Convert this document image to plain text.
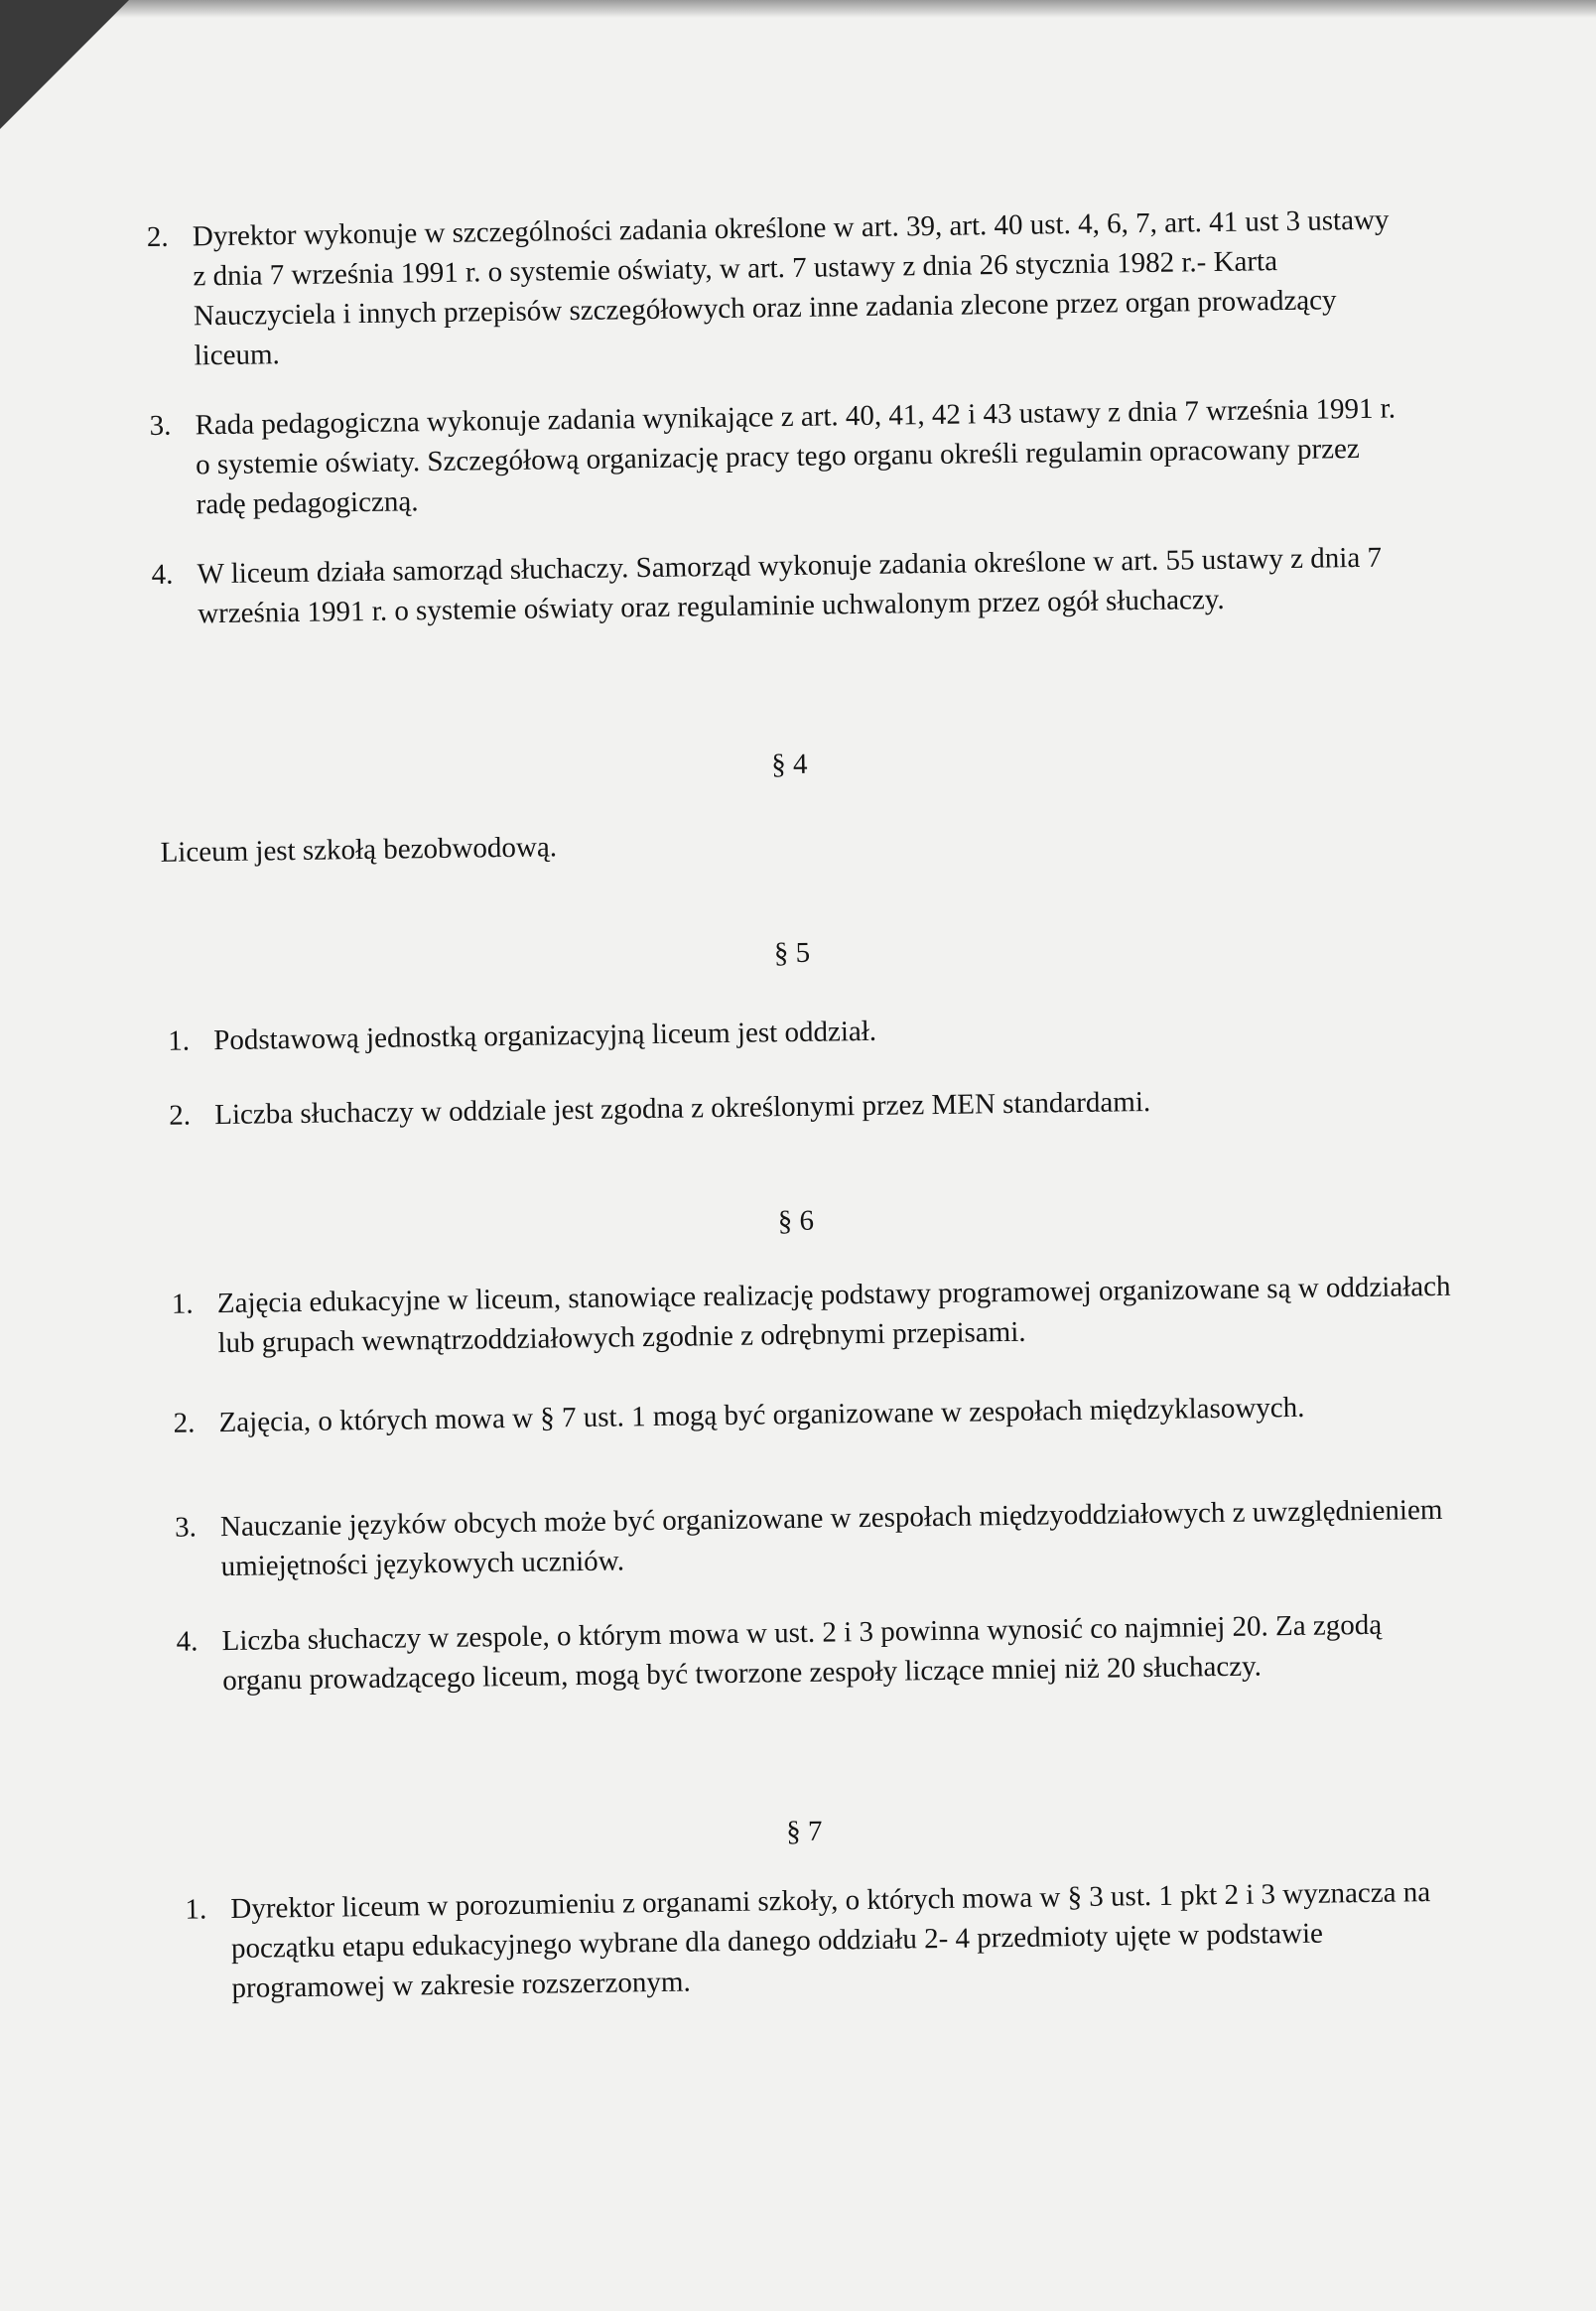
2. Dyrektor wykonuje w szczególności zadania określone w art. 39, art. 40 ust. 4, 6, 7, art. 41 ust 3 ustawy z dnia 7 września 1991 r. o systemie oświaty, w art. 7 ustawy z dnia 26 stycznia 1982 r.- Karta Nauczyciela i innych przepisów szczegółowych oraz inne zadania zlecone przez organ prowadzący liceum.
3. Rada pedagogiczna wykonuje zadania wynikające z art. 40, 41, 42 i 43 ustawy z dnia 7 września 1991 r. o systemie oświaty. Szczegółową organizację pracy tego organu określi regulamin opracowany przez radę pedagogiczną.
4. W liceum działa samorząd słuchaczy. Samorząd wykonuje zadania określone w art. 55 ustawy z dnia 7 września 1991 r. o systemie oświaty oraz regulaminie uchwalonym przez ogół słuchaczy.
§ 4
Liceum jest szkołą bezobwodową.
§ 5
1. Podstawową jednostką organizacyjną liceum jest oddział.
2. Liczba słuchaczy w oddziale jest zgodna z określonymi przez MEN standardami.
§ 6
1. Zajęcia edukacyjne w liceum, stanowiące realizację podstawy programowej organizowane są w oddziałach lub grupach wewnątrzoddziałowych zgodnie z odrębnymi przepisami.
2. Zajęcia, o których mowa w § 7 ust. 1 mogą być organizowane w zespołach międzyklasowych.
3. Nauczanie języków obcych może być organizowane w zespołach międzyoddziałowych z uwzględnieniem umiejętności językowych uczniów.
4. Liczba słuchaczy w zespole, o którym mowa w ust. 2 i 3 powinna wynosić co najmniej 20. Za zgodą organu prowadzącego liceum, mogą być tworzone zespoły liczące mniej niż 20 słuchaczy.
§ 7
1. Dyrektor liceum w porozumieniu z organami szkoły, o których mowa w § 3 ust. 1 pkt 2 i 3 wyznacza na początku etapu edukacyjnego wybrane dla danego oddziału 2- 4 przedmioty ujęte w podstawie programowej w zakresie rozszerzonym.
